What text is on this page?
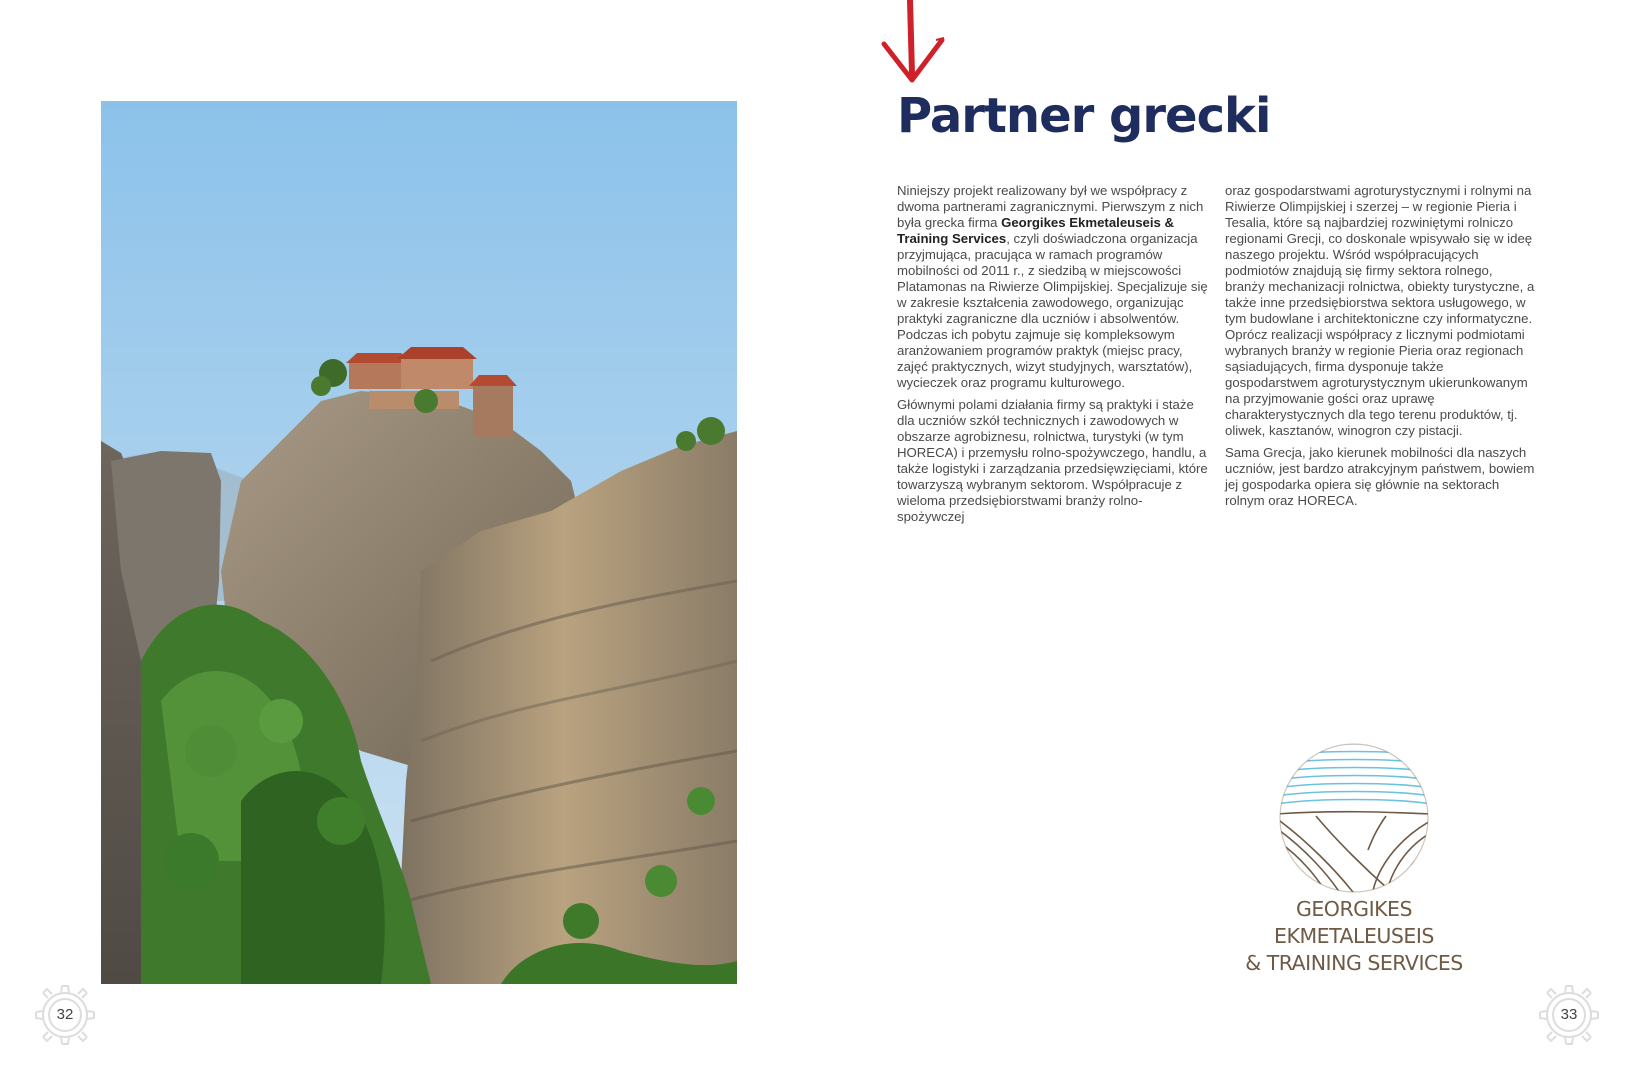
Partner grecki

Niniejszy projekt realizowany był we współpracy z dwoma partnerami zagranicznymi. Pierwszym z nich była grecka firma Georgikes Ekmetaleuseis & Training Services, czyli doświadczona organizacja przyjmująca, pracująca w ramach programów mobilności od 2011 r., z siedzibą w miejscowości Platamonas na Riwierze Olimpijskiej. Specjalizuje się w zakresie kształcenia zawodowego, organizując praktyki zagraniczne dla uczniów i absolwentów. Podczas ich pobytu zajmuje się kompleksowym aranżowaniem programów praktyk (miejsc pracy, zajęć praktycznych, wizyt studyjnych, warsztatów), wycieczek oraz programu kulturowego.

Głównymi polami działania firmy są praktyki i staże dla uczniów szkół technicznych i zawodowych w obszarze agrobiznesu, rolnictwa, turystyki (w tym HORECA) i przemysłu rolno-spożywczego, handlu, a także logistyki i zarządzania przedsięwzięciami, które towarzyszą wybranym sektorom. Współpracuje z wieloma przedsiębiorstwami branży rolno-spożywczej

oraz gospodarstwami agroturystycznymi i rolnymi na Riwierze Olimpijskiej i szerzej – w regionie Pieria i Tesalia, które są najbardziej rozwiniętymi rolniczo regionami Grecji, co doskonale wpisywało się w ideę naszego projektu. Wśród współpracujących podmiotów znajdują się firmy sektora rolnego, branży mechanizacji rolnictwa, obiekty turystyczne, a także inne przedsiębiorstwa sektora usługowego, w tym budowlane i architektoniczne czy informatyczne. Oprócz realizacji współpracy z licznymi podmiotami wybranych branży w regionie Pieria oraz regionach sąsiadujących, firma dysponuje także gospodarstwem agroturystycznym ukierunkowanym na przyjmowanie gości oraz uprawę charakterystycznych dla tego terenu produktów, tj. oliwek, kasztanów, winogron czy pistacji.

Sama Grecja, jako kierunek mobilności dla naszych uczniów, jest bardzo atrakcyjnym państwem, bowiem jej gospodarka opiera się głównie na sektorach rolnym oraz HORECA.

GEORGIKES EKMETALEUSEIS
& TRAINING SERVICES
32	33
